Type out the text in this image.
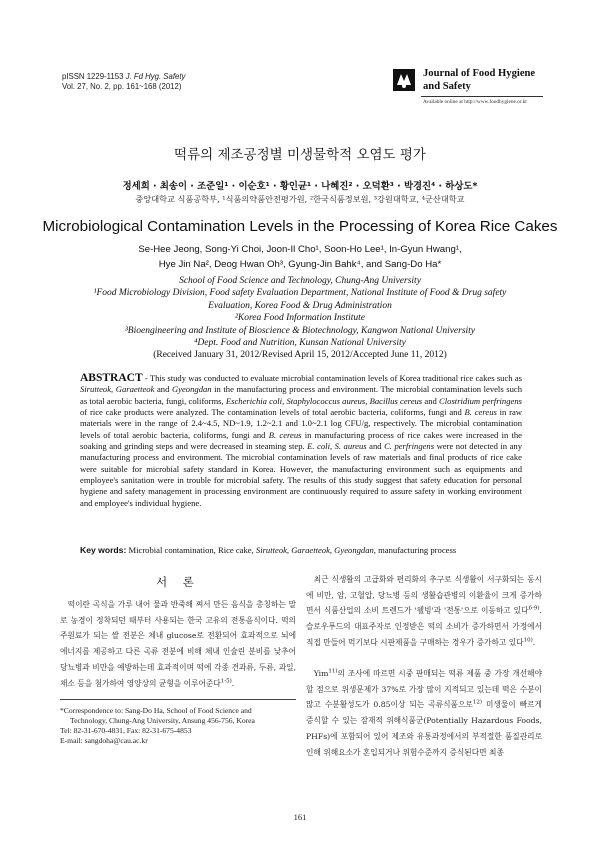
pISSN 1229-1153 J. Fd Hyg. Safety
Vol. 27, No. 2, pp. 161~168 (2012)
Journal of Food Hygiene
and Safety
Available online at http://www.foodhygiene.or.kr
떡류의 제조공정별 미생물학적 오염도 평가
정세희 · 최송이 · 조준일¹ · 이순호¹ · 황인균¹ · 나혜진² · 오덕환³ · 박경진⁴ · 하상도*
중앙대학교 식품공학부, ¹식품의약품안전평가원, ²한국식품정보원, ³강원대학교, ⁴군산대학교
Microbiological Contamination Levels in the Processing of Korea Rice Cakes
Se-Hee Jeong, Song-Yi Choi, Joon-Il Cho¹, Soon-Ho Lee¹, In-Gyun Hwang¹,
Hye Jin Na², Deog Hwan Oh³, Gyung-Jin Bahk⁴, and Sang-Do Ha*
School of Food Science and Technology, Chung-Ang University
¹Food Microbiology Division, Food safety Evaluation Department, National Institute of Food & Drug safety
Evaluation, Korea Food & Drug Administration
²Korea Food Information Institute
³Bioengineering and Institute of Bioscience & Biotechnology, Kangwon National University
⁴Dept. Food and Nutrition, Kunsan National University
(Received January 31, 2012/Revised April 15, 2012/Accepted June 11, 2012)
ABSTRACT - This study was conducted to evaluate microbial contamination levels of Korea traditional rice cakes such as Sirutteok, Garaetteok and Gyeongdan in the manufacturing process and environment. The microbial contamination levels such as total aerobic bacteria, fungi, coliforms, Escherichia coli, Staphylococcus aureus, Bacillus cereus and Clostridium perfringens of rice cake products were analyzed. The contamination levels of total aerobic bacteria, coliforms, fungi and B. cereus in raw materials were in the range of 2.4~4.5, ND~1.9, 1.2~2.1 and 1.0~2.1 log CFU/g, respectively. The microbial contamination levels of total aerobic bacteria, coliforms, fungi and B. cereus in manufacturing process of rice cakes were increased in the soaking and grinding steps and were decreased in steaming step. E. coli, S. aureus and C. perfringens were not detected in any manufacturing process and environment. The microbial contamination levels of raw materials and final products of rice cake were suitable for microbial safety standard in Korea. However, the manufacturing environment such as equipments and employee's sanitation were in trouble for microbial safety. The results of this study suggest that safety education for personal hygiene and safety management in processing environment are continuously required to assure safety in working environment and employee's individual hygiene.
Key words: Microbial contamination, Rice cake, Sirutteok, Garaetteok, Gyeongdan, manufacturing process
서 론
떡이란 곡식을 가루 내어 물과 반죽해 쪄서 만든 음식을 총칭하는 말로 농경이 정착되던 때부터 사용되는 한국 고유의 전통음식이다. 떡의 주원료가 되는 쌀 전분은 체내 glucose로 전환되어 효과적으로 뇌에 에너지를 제공하고 다른 곡류 전분에 비해 체내 인슐린 분비를 낮추어 당뇨병과 비만을 예방하는데 효과적이며 떡에 각종 견과류, 두류, 과일, 채소 등을 첨가하여 영양상의 균형을 이루어준다$^{1-5)}$.
*Correspondence to: Sang-Do Ha, School of Food Science and
Technology, Chung-Ang University, Ansung 456-756, Korea
Tel: 82-31-670-4831, Fax: 82-31-675-4853
E-mail: sangdoha@cau.ac.kr
최근 식생활의 고급화와 편리화의 추구로 식생활이 서구화되는 동시에 비만, 암, 고혈압, 당뇨병 등의 생활습관병의 이환율이 크게 증가하면서 식품산업의 소비 트렌드가 '웰빙'과 '전통'으로 이동하고 있다$^{6-9)}$. 슬로우푸드의 대표주자로 인정받은 떡의 소비가 증가하면서 가정에서 직접 만들어 먹기보다 시판제품을 구매하는 경우가 증가하고 있다$^{10)}$.
Yim$^{11)}$의 조사에 따르면 시중 판매되는 떡류 제품 중 가장 개선해야 할 점으로 위생문제가 37%로 가장 많이 지적되고 있는데 떡은 수분이 많고 수분활성도가 0.85이상 되는 곡류식품으로$^{12)}$ 미생물이 빠르게 증식할 수 있는 잠재적 위해식품군(Potentially Hazardous Foods, PHFs)에 포함되어 있어 제조와 유통과정에서의 부적절한 품질관리로 인해 위해요소가 혼입되거나 위험수준까지 증식된다면 최종
161
